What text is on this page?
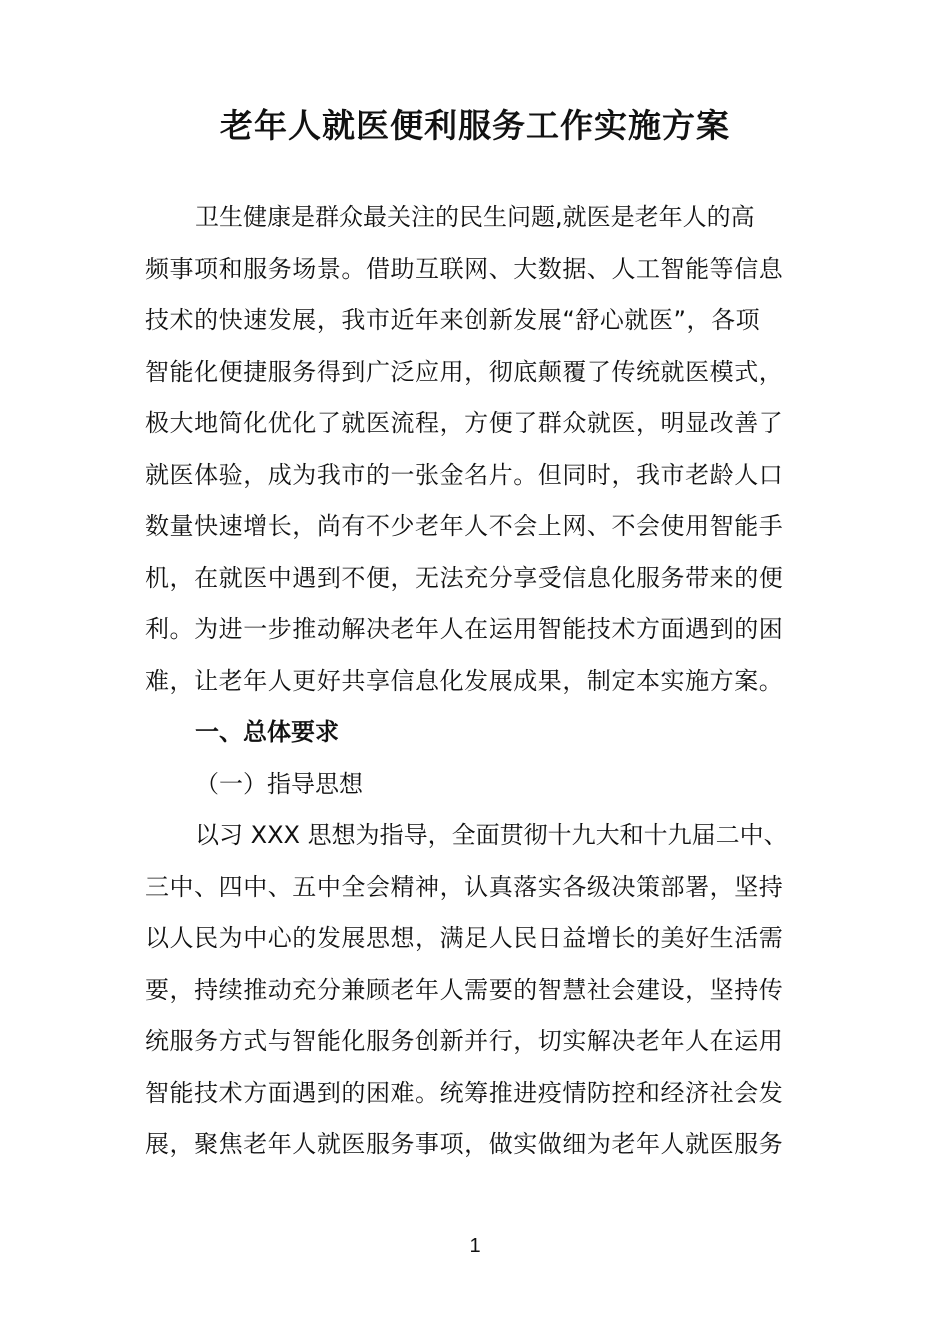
老年人就医便利服务工作实施方案
卫生健康是群众最关注的民生问题,就医是老年人的高
频事项和服务场景。借助互联网、大数据、人工智能等信息
技术的快速发展，我市近年来创新发展“舒心就医”，各项
智能化便捷服务得到广泛应用，彻底颠覆了传统就医模式，
极大地简化优化了就医流程，方便了群众就医，明显改善了
就医体验，成为我市的一张金名片。但同时，我市老龄人口
数量快速增长，尚有不少老年人不会上网、不会使用智能手
机，在就医中遇到不便，无法充分享受信息化服务带来的便
利。为进一步推动解决老年人在运用智能技术方面遇到的困
难，让老年人更好共享信息化发展成果，制定本实施方案。
一、总体要求
（一）指导思想
以习 XXX 思想为指导，全面贯彻十九大和十九届二中、
三中、四中、五中全会精神，认真落实各级决策部署，坚持
以人民为中心的发展思想，满足人民日益增长的美好生活需
要，持续推动充分兼顾老年人需要的智慧社会建设，坚持传
统服务方式与智能化服务创新并行，切实解决老年人在运用
智能技术方面遇到的困难。统筹推进疫情防控和经济社会发
展，聚焦老年人就医服务事项，做实做细为老年人就医服务
1
